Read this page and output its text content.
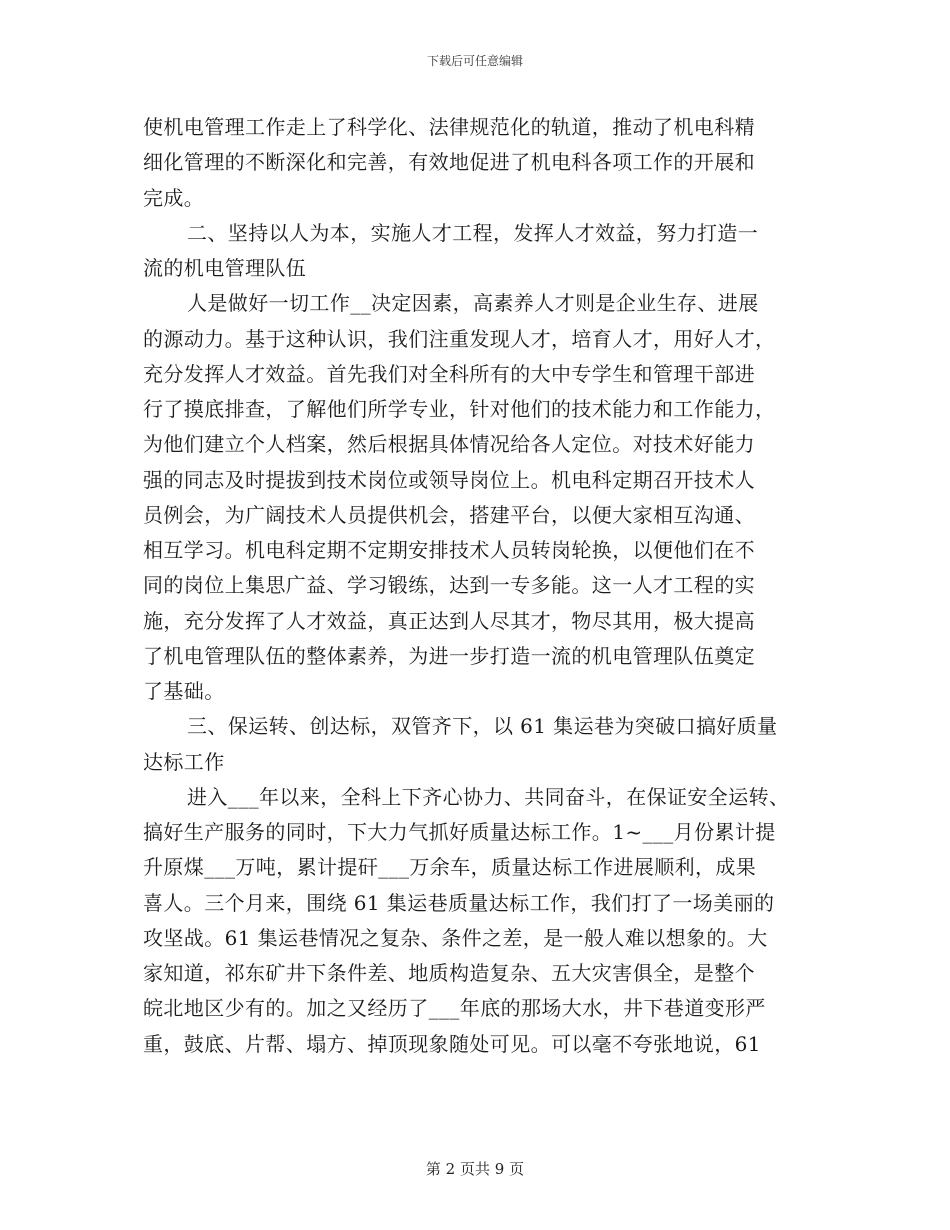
下载后可任意编辑
使机电管理工作走上了科学化、法律规范化的轨道，推动了机电科精
细化管理的不断深化和完善，有效地促进了机电科各项工作的开展和
完成。
二、坚持以人为本，实施人才工程，发挥人才效益，努力打造一
流的机电管理队伍
人是做好一切工作__决定因素，高素养人才则是企业生存、进展
的源动力。基于这种认识，我们注重发现人才，培育人才，用好人才，
充分发挥人才效益。首先我们对全科所有的大中专学生和管理干部进
行了摸底排查，了解他们所学专业，针对他们的技术能力和工作能力，
为他们建立个人档案，然后根据具体情况给各人定位。对技术好能力
强的同志及时提拔到技术岗位或领导岗位上。机电科定期召开技术人
员例会，为广阔技术人员提供机会，搭建平台，以便大家相互沟通、
相互学习。机电科定期不定期安排技术人员转岗轮换，以便他们在不
同的岗位上集思广益、学习锻练，达到一专多能。这一人才工程的实
施，充分发挥了人才效益，真正达到人尽其才，物尽其用，极大提高
了机电管理队伍的整体素养，为进一步打造一流的机电管理队伍奠定
了基础。
三、保运转、创达标，双管齐下，以 61 集运巷为突破口搞好质量
达标工作
进入___年以来，全科上下齐心协力、共同奋斗，在保证安全运转、
搞好生产服务的同时，下大力气抓好质量达标工作。1~___月份累计提
升原煤___万吨，累计提矸___万余车，质量达标工作进展顺利，成果
喜人。三个月来，围绕 61 集运巷质量达标工作，我们打了一场美丽的
攻坚战。61 集运巷情况之复杂、条件之差，是一般人难以想象的。大
家知道，祁东矿井下条件差、地质构造复杂、五大灾害俱全，是整个
皖北地区少有的。加之又经历了___年底的那场大水，井下巷道变形严
重，鼓底、片帮、塌方、掉顶现象随处可见。可以毫不夸张地说，61
第 2 页共 9 页
